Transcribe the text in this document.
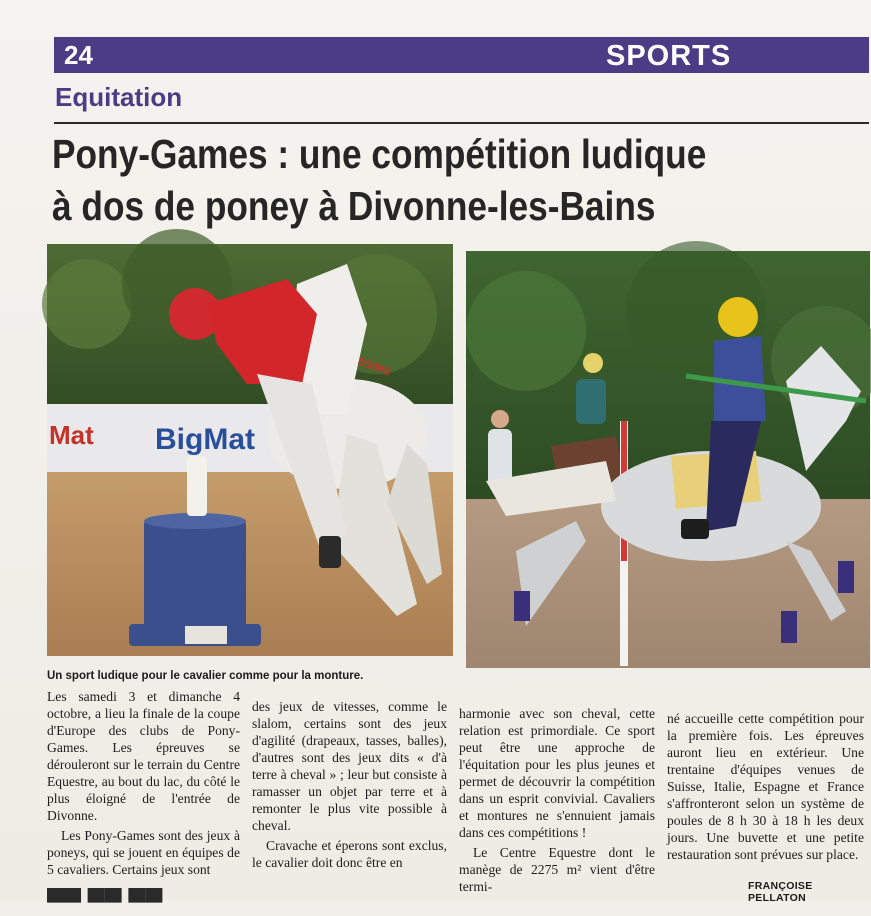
24	SPORTS
Equitation
Pony-Games : une compétition ludique
à dos de poney à Divonne-les-Bains
Mat BigMat
SSIMS
Un sport ludique pour le cavalier comme pour la monture.

Les samedi 3 et dimanche 4 octobre, a lieu la finale de la coupe d'Europe des clubs de Pony-Games. Les épreuves se dérouleront sur le terrain du Centre Equestre, au bout du lac, du côté le plus éloigné de l'entrée de Divonne.

Les Pony-Games sont des jeux à poneys, qui se jouent en équipes de 5 cavaliers. Certains jeux sont

des jeux de vitesses, comme le slalom, certains sont des jeux d'agilité (drapeaux, tasses, balles), d'autres sont des jeux dits « d'à terre à cheval » ; leur but consiste à ramasser un objet par terre et à remonter le plus vite possible à cheval.

Cravache et éperons sont exclus, le cavalier doit donc être en

harmonie avec son cheval, cette relation est primordiale. Ce sport peut être une approche de l'équitation pour les plus jeunes et permet de découvrir la compétition dans un esprit convivial. Cavaliers et montures ne s'ennuient jamais dans ces compétitions !

Le Centre Equestre dont le manège de 2275 m² vient d'être termi-

né accueille cette compétition pour la première fois. Les épreuves auront lieu en extérieur. Une trentaine d'équipes venues de Suisse, Italie, Espagne et France s'affronteront selon un système de poules de 8 h 30 à 18 h les deux jours. Une buvette et une petite restauration sont prévues sur place.

FRANÇOISE PELLATON
▀▀ ▀▀ ▀▀
